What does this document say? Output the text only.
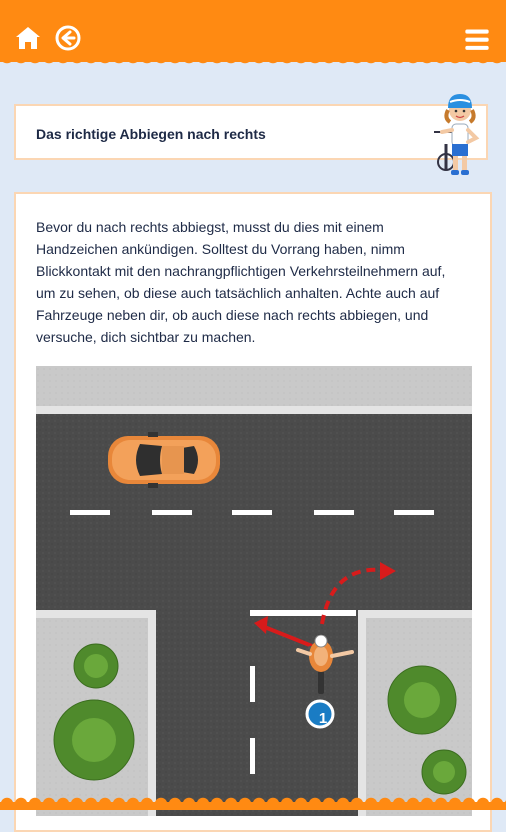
Das richtige Abbiegen nach rechts

Bevor du nach rechts abbiegst, musst du dies mit einem Handzeichen ankündigen. Solltest du Vorrang haben, nimm Blickkontakt mit den nachrangpflichtigen Verkehrsteilnehmern auf, um zu sehen, ob diese auch tatsächlich anhalten. Achte auch auf Fahrzeuge neben dir, ob auch diese nach rechts abbiegen, und versuche, dich sichtbar zu machen.

1
